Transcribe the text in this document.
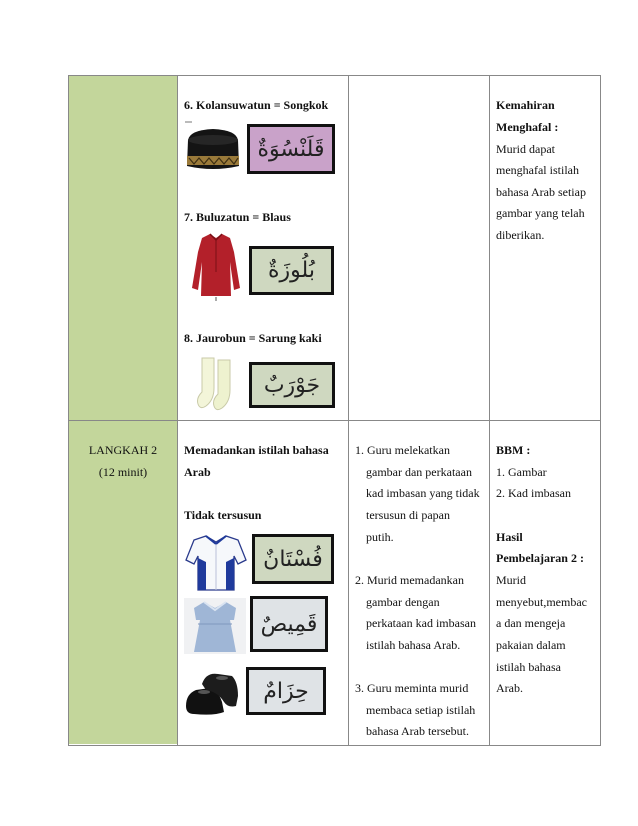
6. Kolansuwatun = Songkok
قَلَنْسُوَةٌ
7. Buluzatun = Blaus
بُلُوزَةٌ
8. Jaurobun = Sarung kaki
جَوْرَبٌ
Kemahiran
Menghafal :
Murid dapat
menghafal istilah
bahasa Arab setiap
gambar yang telah
diberikan.
LANGKAH 2
(12 minit)
Memadankan istilah bahasa
Arab
Tidak tersusun
فُسْتَانٌ
قَمِيصٌ
حِزَامٌ
1. Guru melekatkan
gambar dan perkataan
kad imbasan yang tidak
tersusun di papan
putih.
2. Murid memadankan
gambar dengan
perkataan kad imbasan
istilah bahasa Arab.
3. Guru meminta murid
membaca setiap istilah
bahasa Arab tersebut.
BBM :
1. Gambar
2. Kad imbasan
Hasil
Pembelajaran 2 :
Murid
menyebut,membac
a dan mengeja
pakaian dalam
istilah bahasa
Arab.
